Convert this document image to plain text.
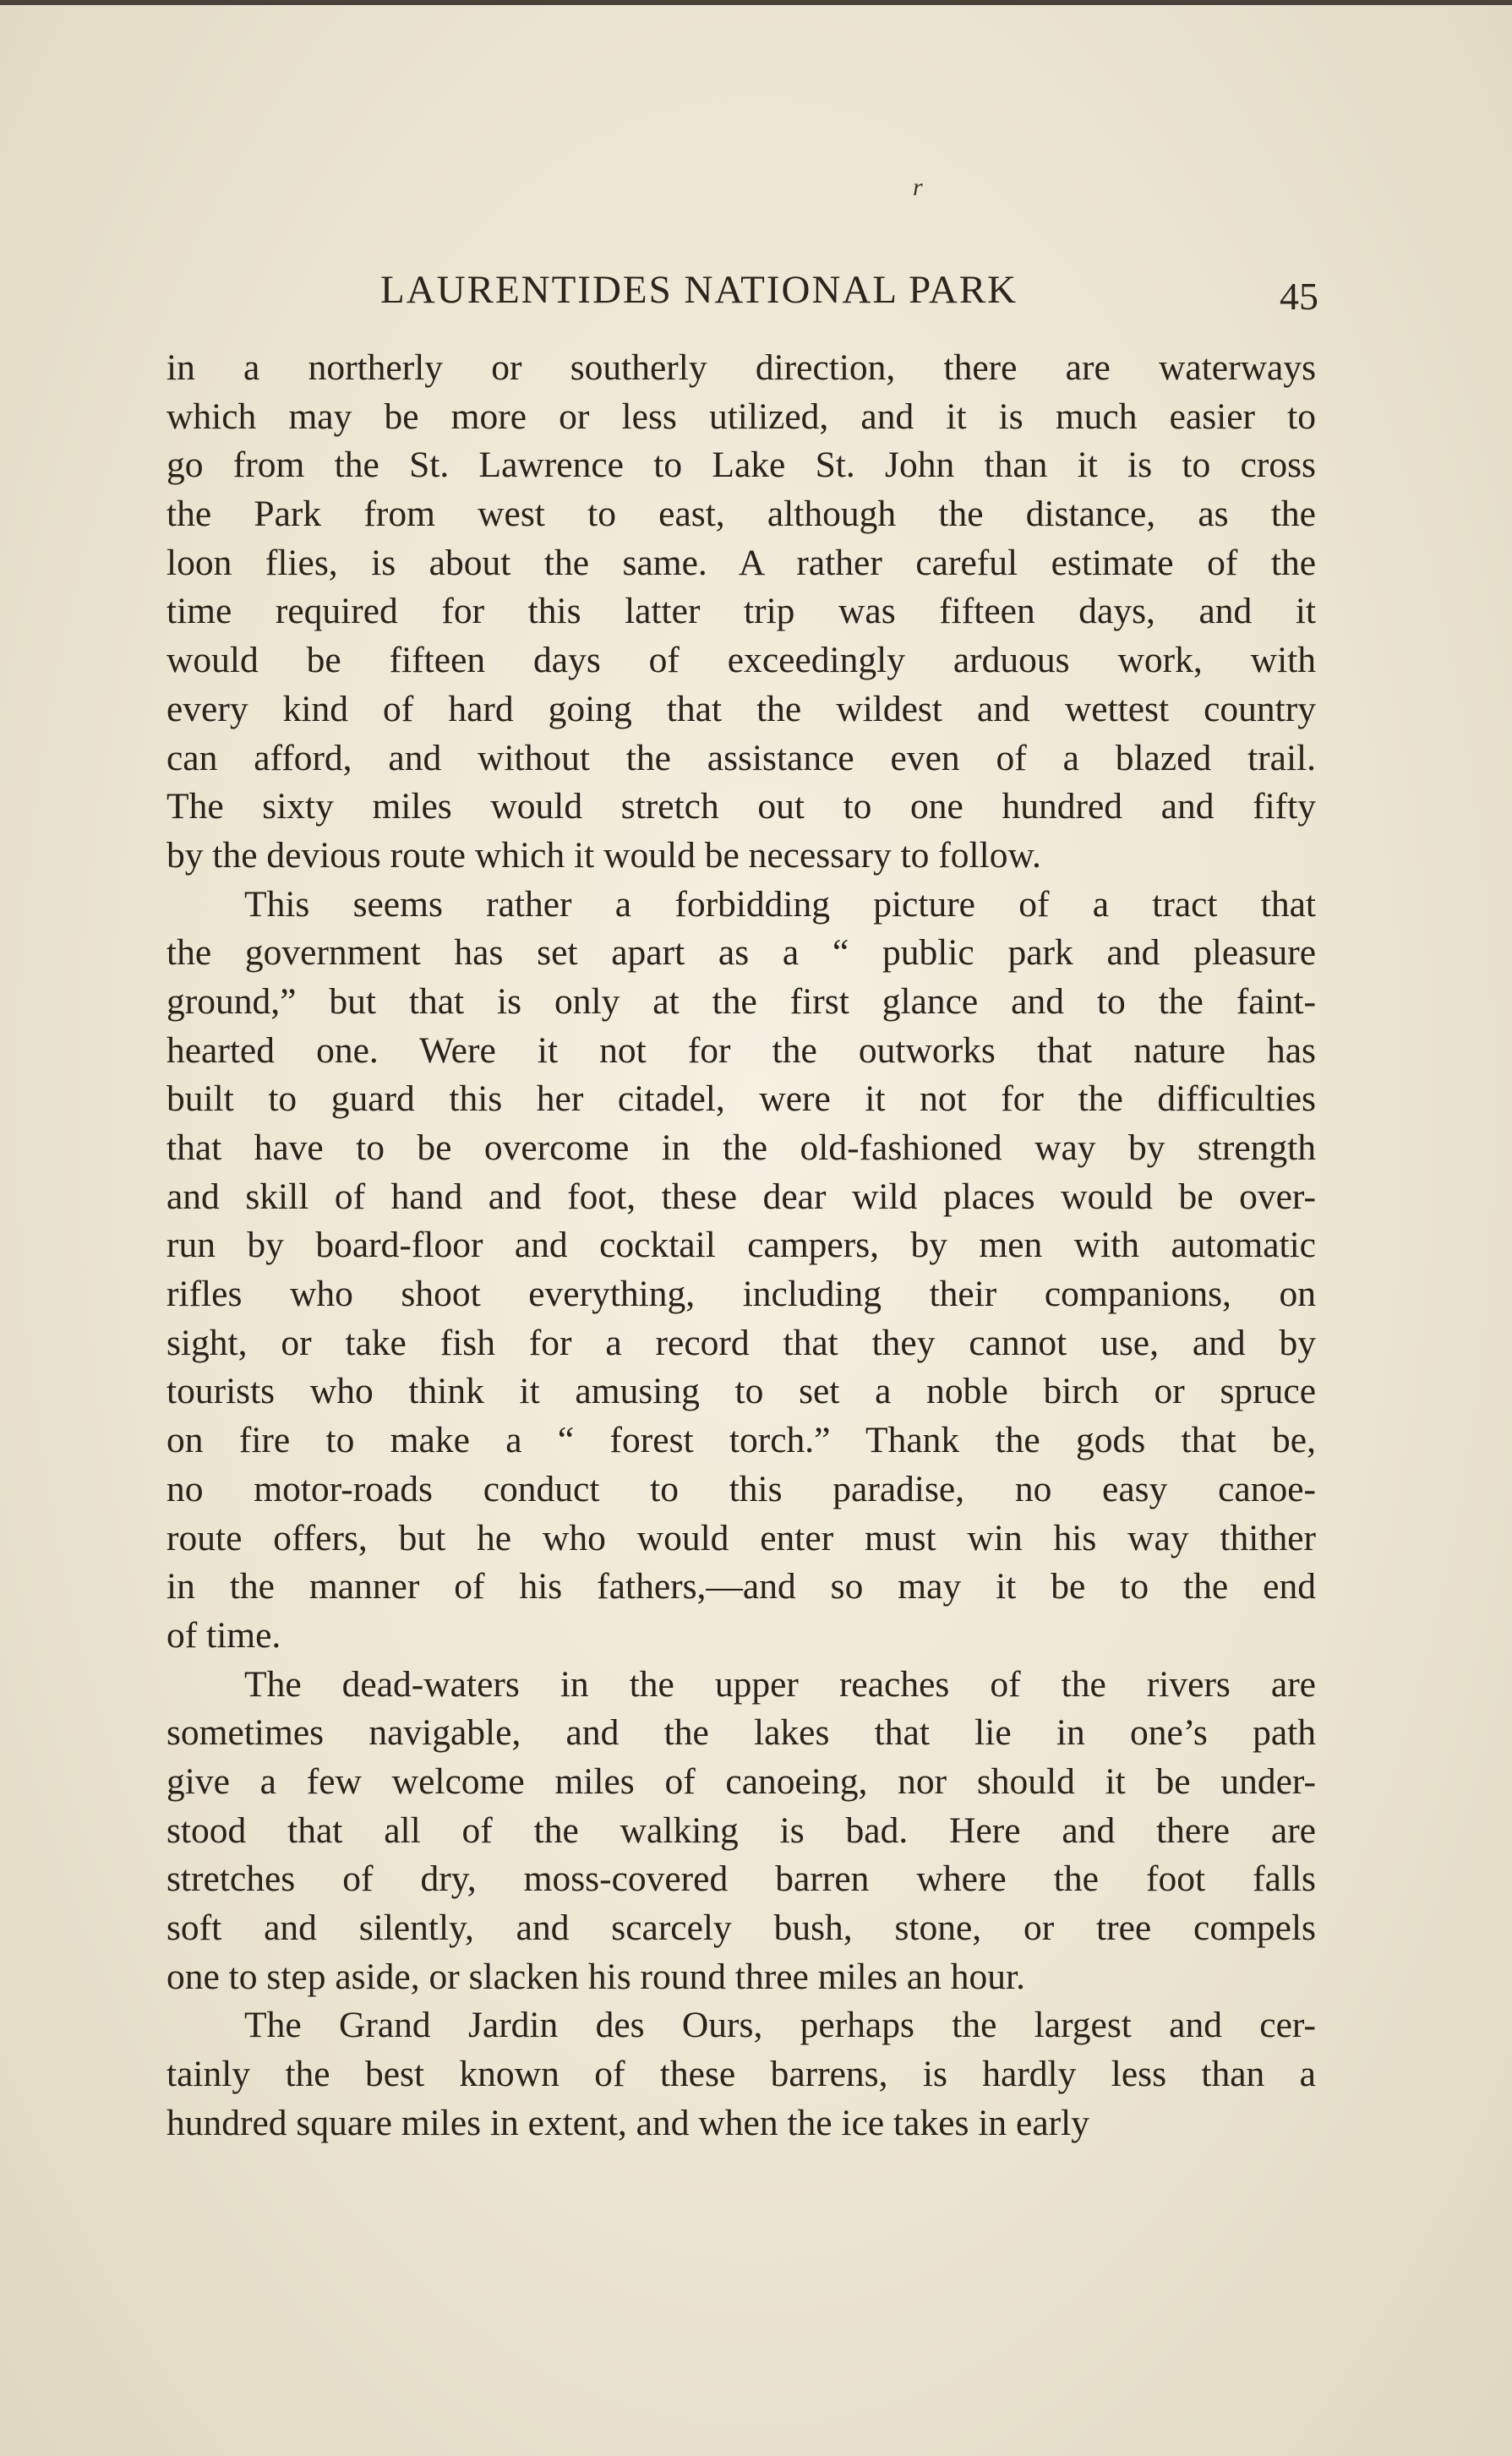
r
LAURENTIDES NATIONAL PARK	45
in a northerly or southerly direction, there are waterways
which may be more or less utilized, and it is much easier to
go from the St. Lawrence to Lake St. John than it is to cross
the Park from west to east, although the distance, as the
loon flies, is about the same. A rather careful estimate of the
time required for this latter trip was fifteen days, and it
would be fifteen days of exceedingly arduous work, with
every kind of hard going that the wildest and wettest country
can afford, and without the assistance even of a blazed trail.
The sixty miles would stretch out to one hundred and fifty
by the devious route which it would be necessary to follow.
This seems rather a forbidding picture of a tract that
the government has set apart as a “ public park and pleasure
ground,” but that is only at the first glance and to the faint-
hearted one. Were it not for the outworks that nature has
built to guard this her citadel, were it not for the difficulties
that have to be overcome in the old-fashioned way by strength
and skill of hand and foot, these dear wild places would be over-
run by board-floor and cocktail campers, by men with automatic
rifles who shoot everything, including their companions, on
sight, or take fish for a record that they cannot use, and by
tourists who think it amusing to set a noble birch or spruce
on fire to make a “ forest torch.” Thank the gods that be,
no motor-roads conduct to this paradise, no easy canoe-
route offers, but he who would enter must win his way thither
in the manner of his fathers,—and so may it be to the end
of time.
The dead-waters in the upper reaches of the rivers are
sometimes navigable, and the lakes that lie in one’s path
give a few welcome miles of canoeing, nor should it be under-
stood that all of the walking is bad. Here and there are
stretches of dry, moss-covered barren where the foot falls
soft and silently, and scarcely bush, stone, or tree compels
one to step aside, or slacken his round three miles an hour.
The Grand Jardin des Ours, perhaps the largest and cer-
tainly the best known of these barrens, is hardly less than a
hundred square miles in extent, and when the ice takes in early
